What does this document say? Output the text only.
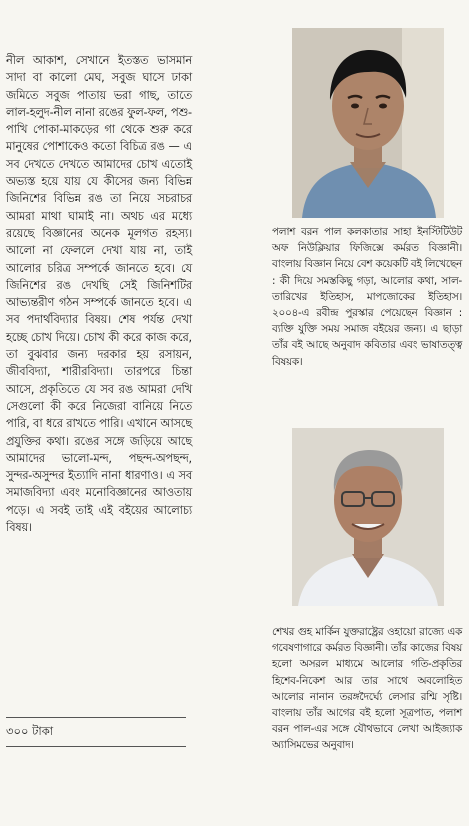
নীল আকাশ, সেখানে ইতস্তত ভাসমান সাদা বা কালো মেঘ, সবুজ ঘাসে ঢাকা জমিতে সবুজ পাতায় ভরা গাছ, তাতে লাল-হলুদ-নীল নানা রঙের ফুল-ফল, পশু-পাখি পোকা-মাকড়ের গা থেকে শুরু করে মানুষের পোশাকেও কতো বিচিত্র রঙ — এ সব দেখতে দেখতে আমাদের চোখ এতোই অভ্যস্ত হয়ে যায় যে কীসের জন্য বিভিন্ন জিনিশের বিভিন্ন রঙ তা নিয়ে সচরাচর আমরা মাথা ঘামাই না। অথচ এর মধ্যে রয়েছে বিজ্ঞানের অনেক মূলগত রহস্য। আলো না ফেললে দেখা যায় না, তাই আলোর চরিত্র সম্পর্কে জানতে হবে। যে জিনিশের রঙ দেখছি সেই জিনিশটির আভ্যন্তরীণ গঠন সম্পর্কে জানতে হবে। এ সব পদার্থবিদ্যার বিষয়। শেষ পর্যন্ত দেখা হচ্ছে চোখ দিয়ে। চোখ কী করে কাজ করে, তা বুঝবার জন্য দরকার হয় রসায়ন, জীববিদ্যা, শারীরবিদ্যা। তারপরে চিন্তা আসে, প্রকৃতিতে যে সব রঙ আমরা দেখি সেগুলো কী করে নিজেরা বানিয়ে নিতে পারি, বা ধরে রাখতে পারি। এখানে আসছে প্রযুক্তির কথা। রঙের সঙ্গে জড়িয়ে আছে আমাদের ভালো-মন্দ, পছন্দ-অপছন্দ, সুন্দর-অসুন্দর ইত্যাদি নানা ধারণাও। এ সব সমাজবিদ্যা এবং মনোবিজ্ঞানের আওতায় পড়ে। এ সবই তাই এই বইয়ের আলোচ্য বিষয়।
৩০০ টাকা
পলাশ বরন পাল কলকাতার সাহা ইনস্টিটিউট অফ নিউক্লিয়ার ফিজিক্সে কর্মরত বিজ্ঞানী। বাংলায় বিজ্ঞান নিয়ে বেশ কয়েকটি বই লিখেছেন : কী দিয়ে সমস্তকিছু গড়া, আলোর কথা, সাল-তারিখের ইতিহাস, মাপজোকের ইতিহাস। ২০০৪-এ রবীন্দ্র পুরস্কার পেয়েছেন বিজ্ঞান : ব্যক্তি যুক্তি সময় সমাজ বইয়ের জন্য। এ ছাড়া তাঁর বই আছে অনুবাদ কবিতার এবং ভাষাতত্ত্ব বিষয়ক।
শেখর গুহ মার্কিন যুক্তরাষ্ট্রের ওহায়ো রাজ্যে এক গবেষণাগারে কর্মরত বিজ্ঞানী। তাঁর কাজের বিষয় হলো অসরল মাধ্যমে আলোর গতি-প্রকৃতির হিশেব-নিকেশ আর তার সাথে অবলোহিত আলোর নানান তরঙ্গদৈর্ঘ্যে লেসার রশ্মি সৃষ্টি। বাংলায় তাঁর আগের বই হলো সূত্রপাত, পলাশ বরন পাল-এর সঙ্গে যৌথভাবে লেখা আইজ্যাক অ্যাসিমভের অনুবাদ।
